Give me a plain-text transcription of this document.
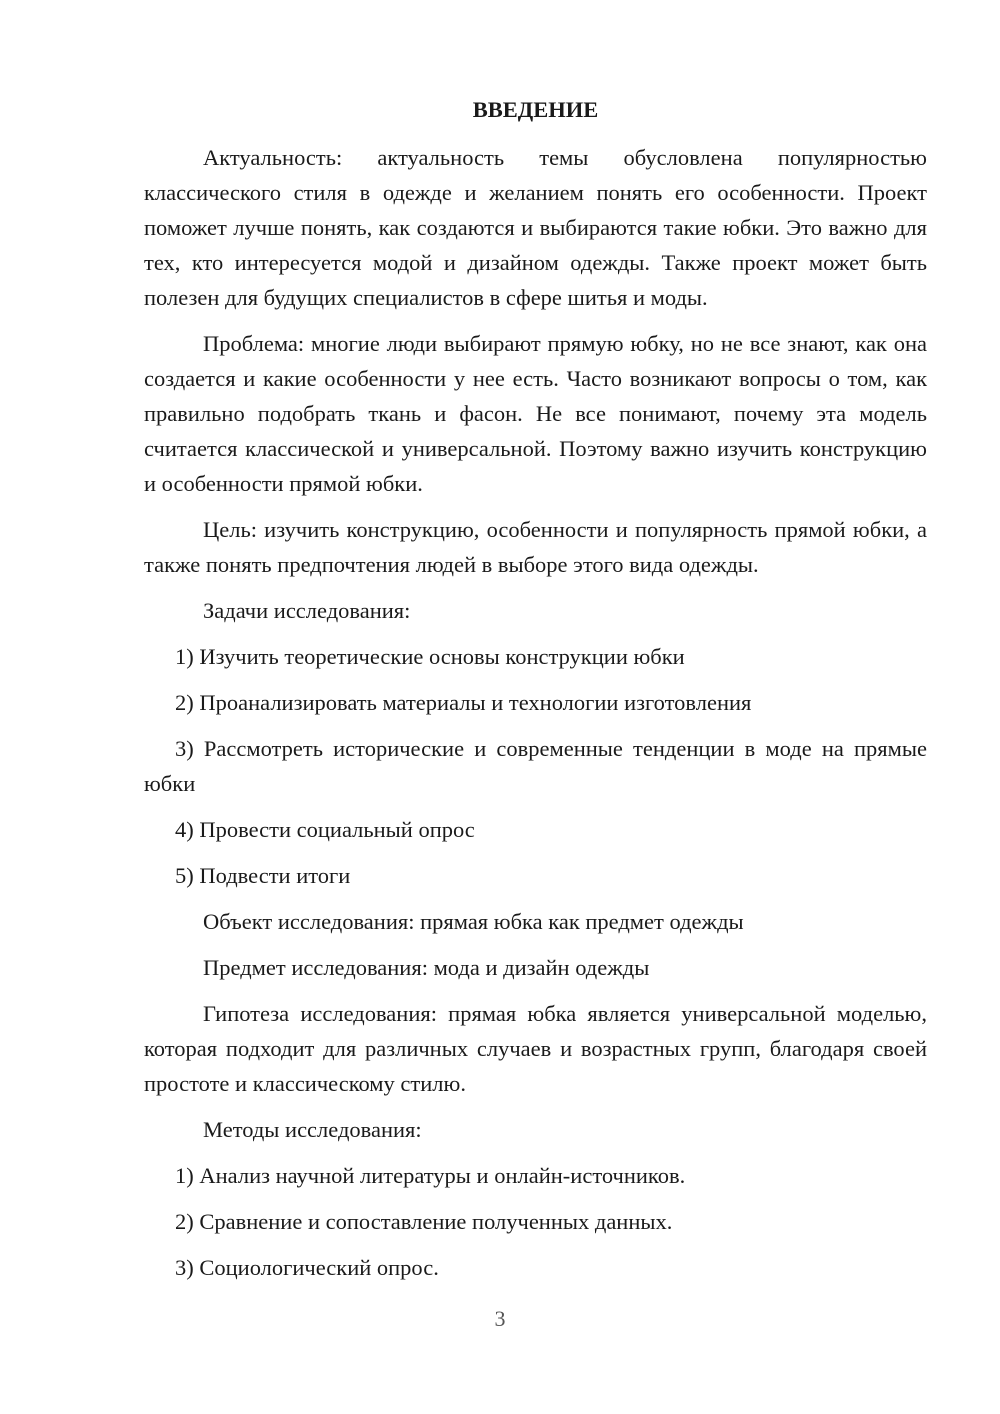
ВВЕДЕНИЕ
Актуальность: актуальность темы обусловлена популярностью классического стиля в одежде и желанием понять его особенности. Проект поможет лучше понять, как создаются и выбираются такие юбки. Это важно для тех, кто интересуется модой и дизайном одежды. Также проект может быть полезен для будущих специалистов в сфере шитья и моды.
Проблема: многие люди выбирают прямую юбку, но не все знают, как она создается и какие особенности у нее есть. Часто возникают вопросы о том, как правильно подобрать ткань и фасон. Не все понимают, почему эта модель считается классической и универсальной. Поэтому важно изучить конструкцию и особенности прямой юбки.
Цель: изучить конструкцию, особенности и популярность прямой юбки, а также понять предпочтения людей в выборе этого вида одежды.
Задачи исследования:
1) Изучить теоретические основы конструкции юбки
2) Проанализировать материалы и технологии изготовления
3) Рассмотреть исторические и современные тенденции в моде на прямые юбки
4) Провести социальный опрос
5) Подвести итоги
Объект исследования: прямая юбка как предмет одежды
Предмет исследования: мода и дизайн одежды
Гипотеза исследования: прямая юбка является универсальной моделью, которая подходит для различных случаев и возрастных групп, благодаря своей простоте и классическому стилю.
Методы исследования:
1) Анализ научной литературы и онлайн-источников.
2) Сравнение и сопоставление полученных данных.
3) Социологический опрос.
3
